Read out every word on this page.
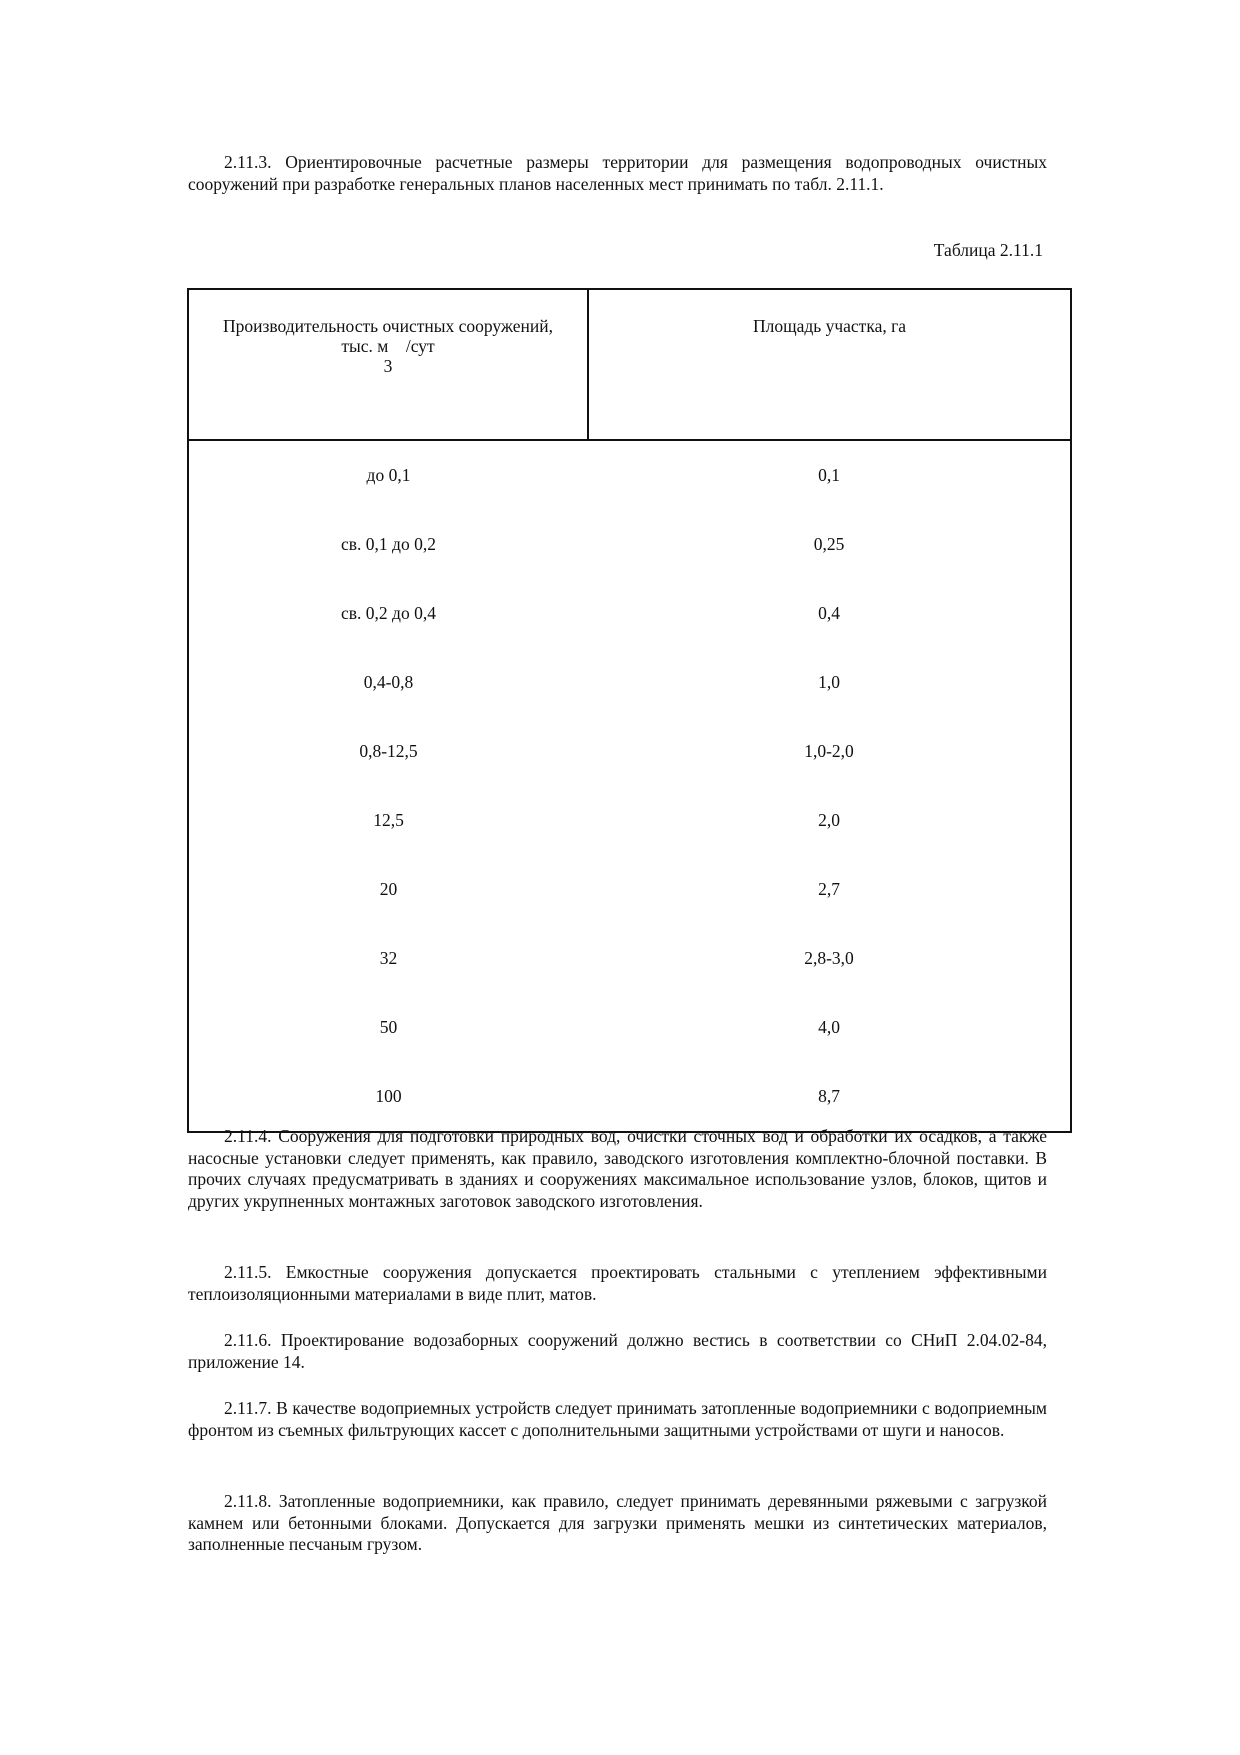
2.11.3. Ориентировочные расчетные размеры территории для размещения водопроводных очистных сооружений при разработке генеральных планов населенных мест принимать по табл. 2.11.1.

Таблица 2.11.1
Производительность очистных сооружений,
тыс. м    /сут
3	Площадь участка, га
до 0,1	0,1
св. 0,1 до 0,2	0,25
св. 0,2 до 0,4	0,4
0,4-0,8	1,0
0,8-12,5	1,0-2,0
12,5	2,0
20	2,7
32	2,8-3,0
50	4,0
100	8,7

2.11.4. Сооружения для подготовки природных вод, очистки сточных вод и обработки их осадков, а также насосные установки следует применять, как правило, заводского изготовления комплектно-блочной поставки. В прочих случаях предусматривать в зданиях и сооружениях максимальное использование узлов, блоков, щитов и других укрупненных монтажных заготовок заводского изготовления.

2.11.5. Емкостные сооружения допускается проектировать стальными с утеплением эффективными теплоизоляционными материалами в виде плит, матов.

2.11.6. Проектирование водозаборных сооружений должно вестись в соответствии со СНиП 2.04.02-84, приложение 14.

2.11.7. В качестве водоприемных устройств следует принимать затопленные водоприемники с водоприемным фронтом из съемных фильтрующих кассет с дополнительными защитными устройствами от шуги и наносов.

2.11.8. Затопленные водоприемники, как правило, следует принимать деревянными ряжевыми с загрузкой камнем или бетонными блоками. Допускается для загрузки применять мешки из синтетических материалов, заполненные песчаным грузом.
